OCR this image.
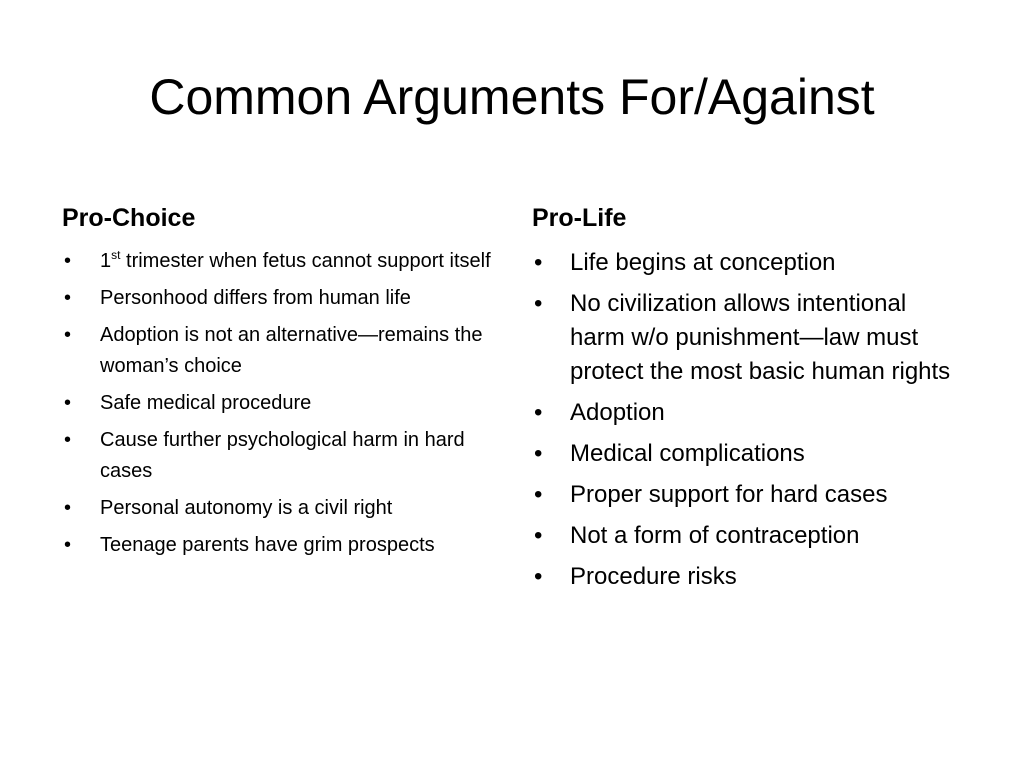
Common Arguments For/Against
Pro-Choice
• 1st trimester when fetus cannot support itself
• Personhood differs from human life
• Adoption is not an alternative—remains the woman’s choice
• Safe medical procedure
• Cause further psychological harm in hard cases
• Personal autonomy is a civil right
• Teenage parents have grim prospects
Pro-Life
• Life begins at conception
• No civilization allows intentional harm w/o punishment—law must protect the most basic human rights
• Adoption
• Medical complications
• Proper support for hard cases
• Not a form of contraception
• Procedure risks
